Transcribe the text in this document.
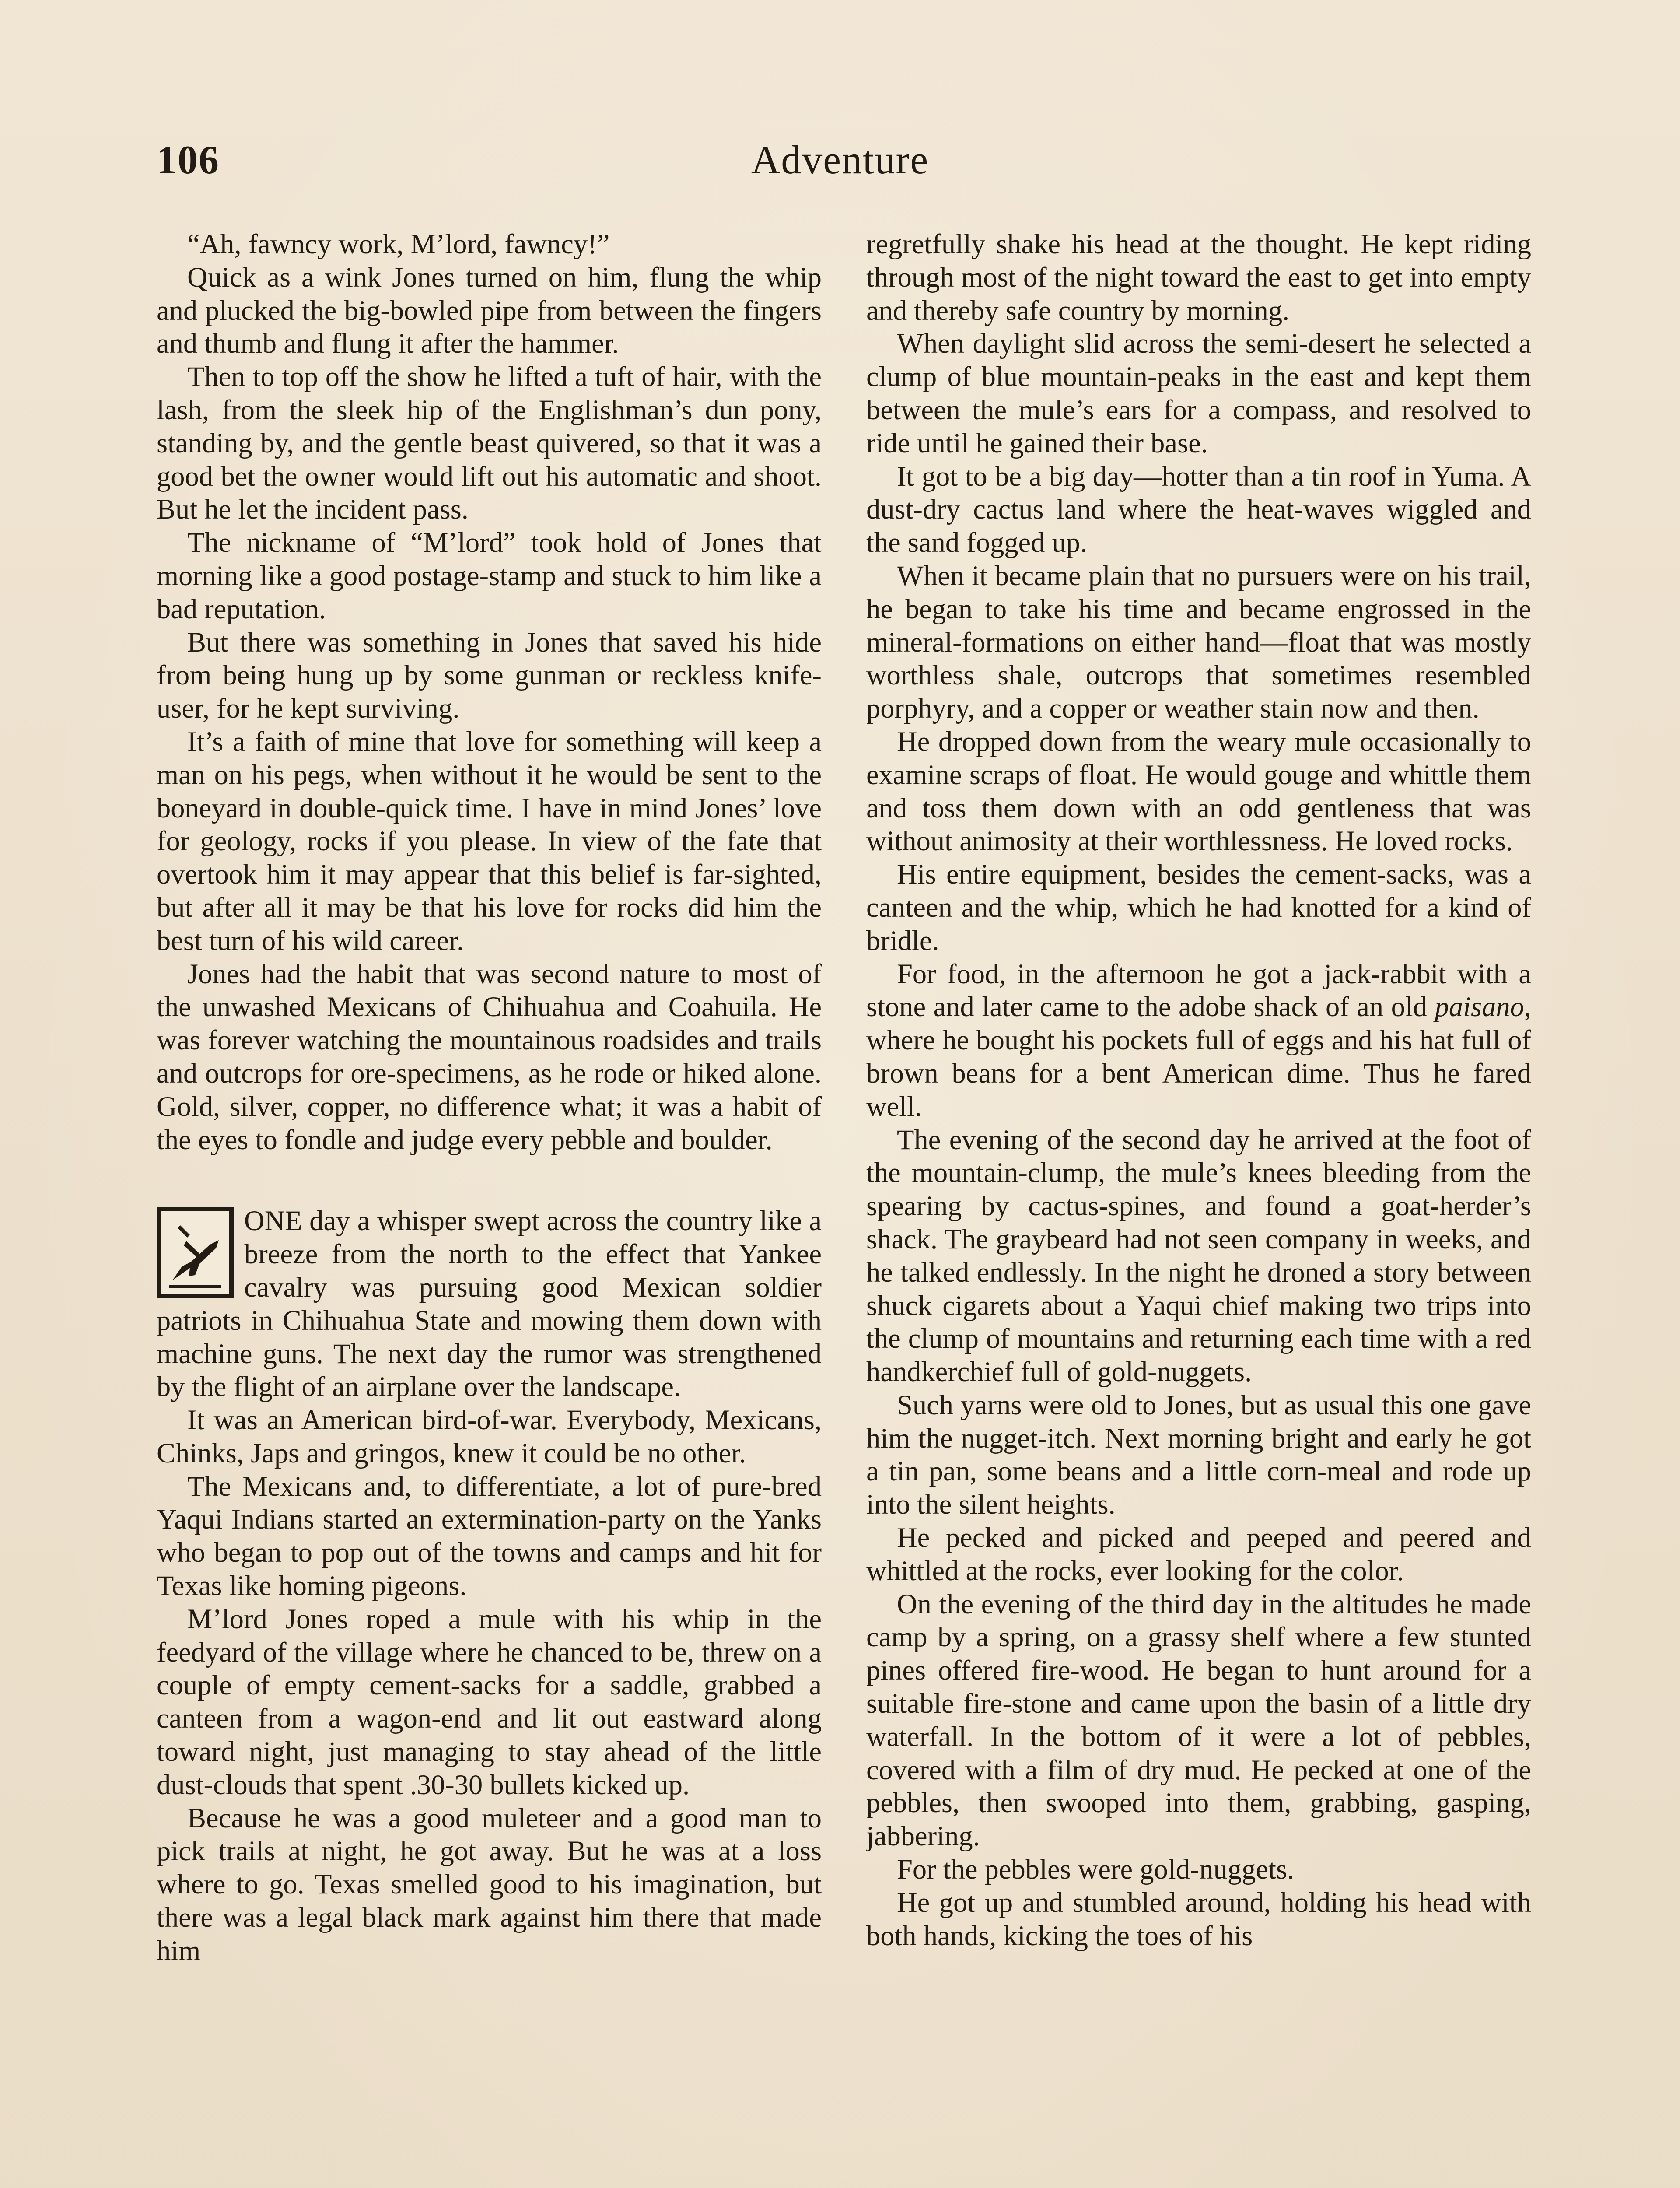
106	Adventure

“Ah, fawncy work, M’lord, fawncy!”

Quick as a wink Jones turned on him, flung the whip and plucked the big-bowled pipe from between the fingers and thumb and flung it after the hammer.

Then to top off the show he lifted a tuft of hair, with the lash, from the sleek hip of the Englishman’s dun pony, standing by, and the gentle beast quivered, so that it was a good bet the owner would lift out his automatic and shoot. But he let the incident pass.

The nickname of “M’lord” took hold of Jones that morning like a good postage-stamp and stuck to him like a bad reputation.

But there was something in Jones that saved his hide from being hung up by some gunman or reckless knife-user, for he kept surviving.

It’s a faith of mine that love for something will keep a man on his pegs, when without it he would be sent to the boneyard in double-quick time. I have in mind Jones’ love for geology, rocks if you please. In view of the fate that overtook him it may appear that this belief is far-sighted, but after all it may be that his love for rocks did him the best turn of his wild career.

Jones had the habit that was second nature to most of the unwashed Mexicans of Chihuahua and Coahuila. He was forever watching the mountainous roadsides and trails and outcrops for ore-specimens, as he rode or hiked alone. Gold, silver, copper, no difference what; it was a habit of the eyes to fondle and judge every pebble and boulder.

ONE day a whisper swept across the country like a breeze from the north to the effect that Yankee cavalry was pursuing good Mexican soldier patriots in Chihuahua State and mowing them down with machine guns. The next day the rumor was strengthened by the flight of an airplane over the landscape.

It was an American bird-of-war. Everybody, Mexicans, Chinks, Japs and gringos, knew it could be no other.

The Mexicans and, to differentiate, a lot of pure-bred Yaqui Indians started an extermination-party on the Yanks who began to pop out of the towns and camps and hit for Texas like homing pigeons.

M’lord Jones roped a mule with his whip in the feedyard of the village where he chanced to be, threw on a couple of empty cement-sacks for a saddle, grabbed a canteen from a wagon-end and lit out eastward along toward night, just managing to stay ahead of the little dust-clouds that spent .30-30 bullets kicked up.

Because he was a good muleteer and a good man to pick trails at night, he got away. But he was at a loss where to go. Texas smelled good to his imagination, but there was a legal black mark against him there that made him

regretfully shake his head at the thought. He kept riding through most of the night toward the east to get into empty and thereby safe country by morning.

When daylight slid across the semi-desert he selected a clump of blue mountain-peaks in the east and kept them between the mule’s ears for a compass, and resolved to ride until he gained their base.

It got to be a big day—hotter than a tin roof in Yuma. A dust-dry cactus land where the heat-waves wiggled and the sand fogged up.

When it became plain that no pursuers were on his trail, he began to take his time and became engrossed in the mineral-formations on either hand—float that was mostly worthless shale, outcrops that sometimes resembled porphyry, and a copper or weather stain now and then.

He dropped down from the weary mule occasionally to examine scraps of float. He would gouge and whittle them and toss them down with an odd gentleness that was without animosity at their worthlessness. He loved rocks.

His entire equipment, besides the cement-sacks, was a canteen and the whip, which he had knotted for a kind of bridle.

For food, in the afternoon he got a jack-rabbit with a stone and later came to the adobe shack of an old paisano, where he bought his pockets full of eggs and his hat full of brown beans for a bent American dime. Thus he fared well.

The evening of the second day he arrived at the foot of the mountain-clump, the mule’s knees bleeding from the spearing by cactus-spines, and found a goat-herder’s shack. The graybeard had not seen company in weeks, and he talked endlessly. In the night he droned a story between shuck cigarets about a Yaqui chief making two trips into the clump of mountains and returning each time with a red handkerchief full of gold-nuggets.

Such yarns were old to Jones, but as usual this one gave him the nugget-itch. Next morning bright and early he got a tin pan, some beans and a little corn-meal and rode up into the silent heights.

He pecked and picked and peeped and peered and whittled at the rocks, ever looking for the color.

On the evening of the third day in the altitudes he made camp by a spring, on a grassy shelf where a few stunted pines offered fire-wood. He began to hunt around for a suitable fire-stone and came upon the basin of a little dry waterfall. In the bottom of it were a lot of pebbles, covered with a film of dry mud. He pecked at one of the pebbles, then swooped into them, grabbing, gasping, jabbering.

For the pebbles were gold-nuggets.

He got up and stumbled around, holding his head with both hands, kicking the toes of his
